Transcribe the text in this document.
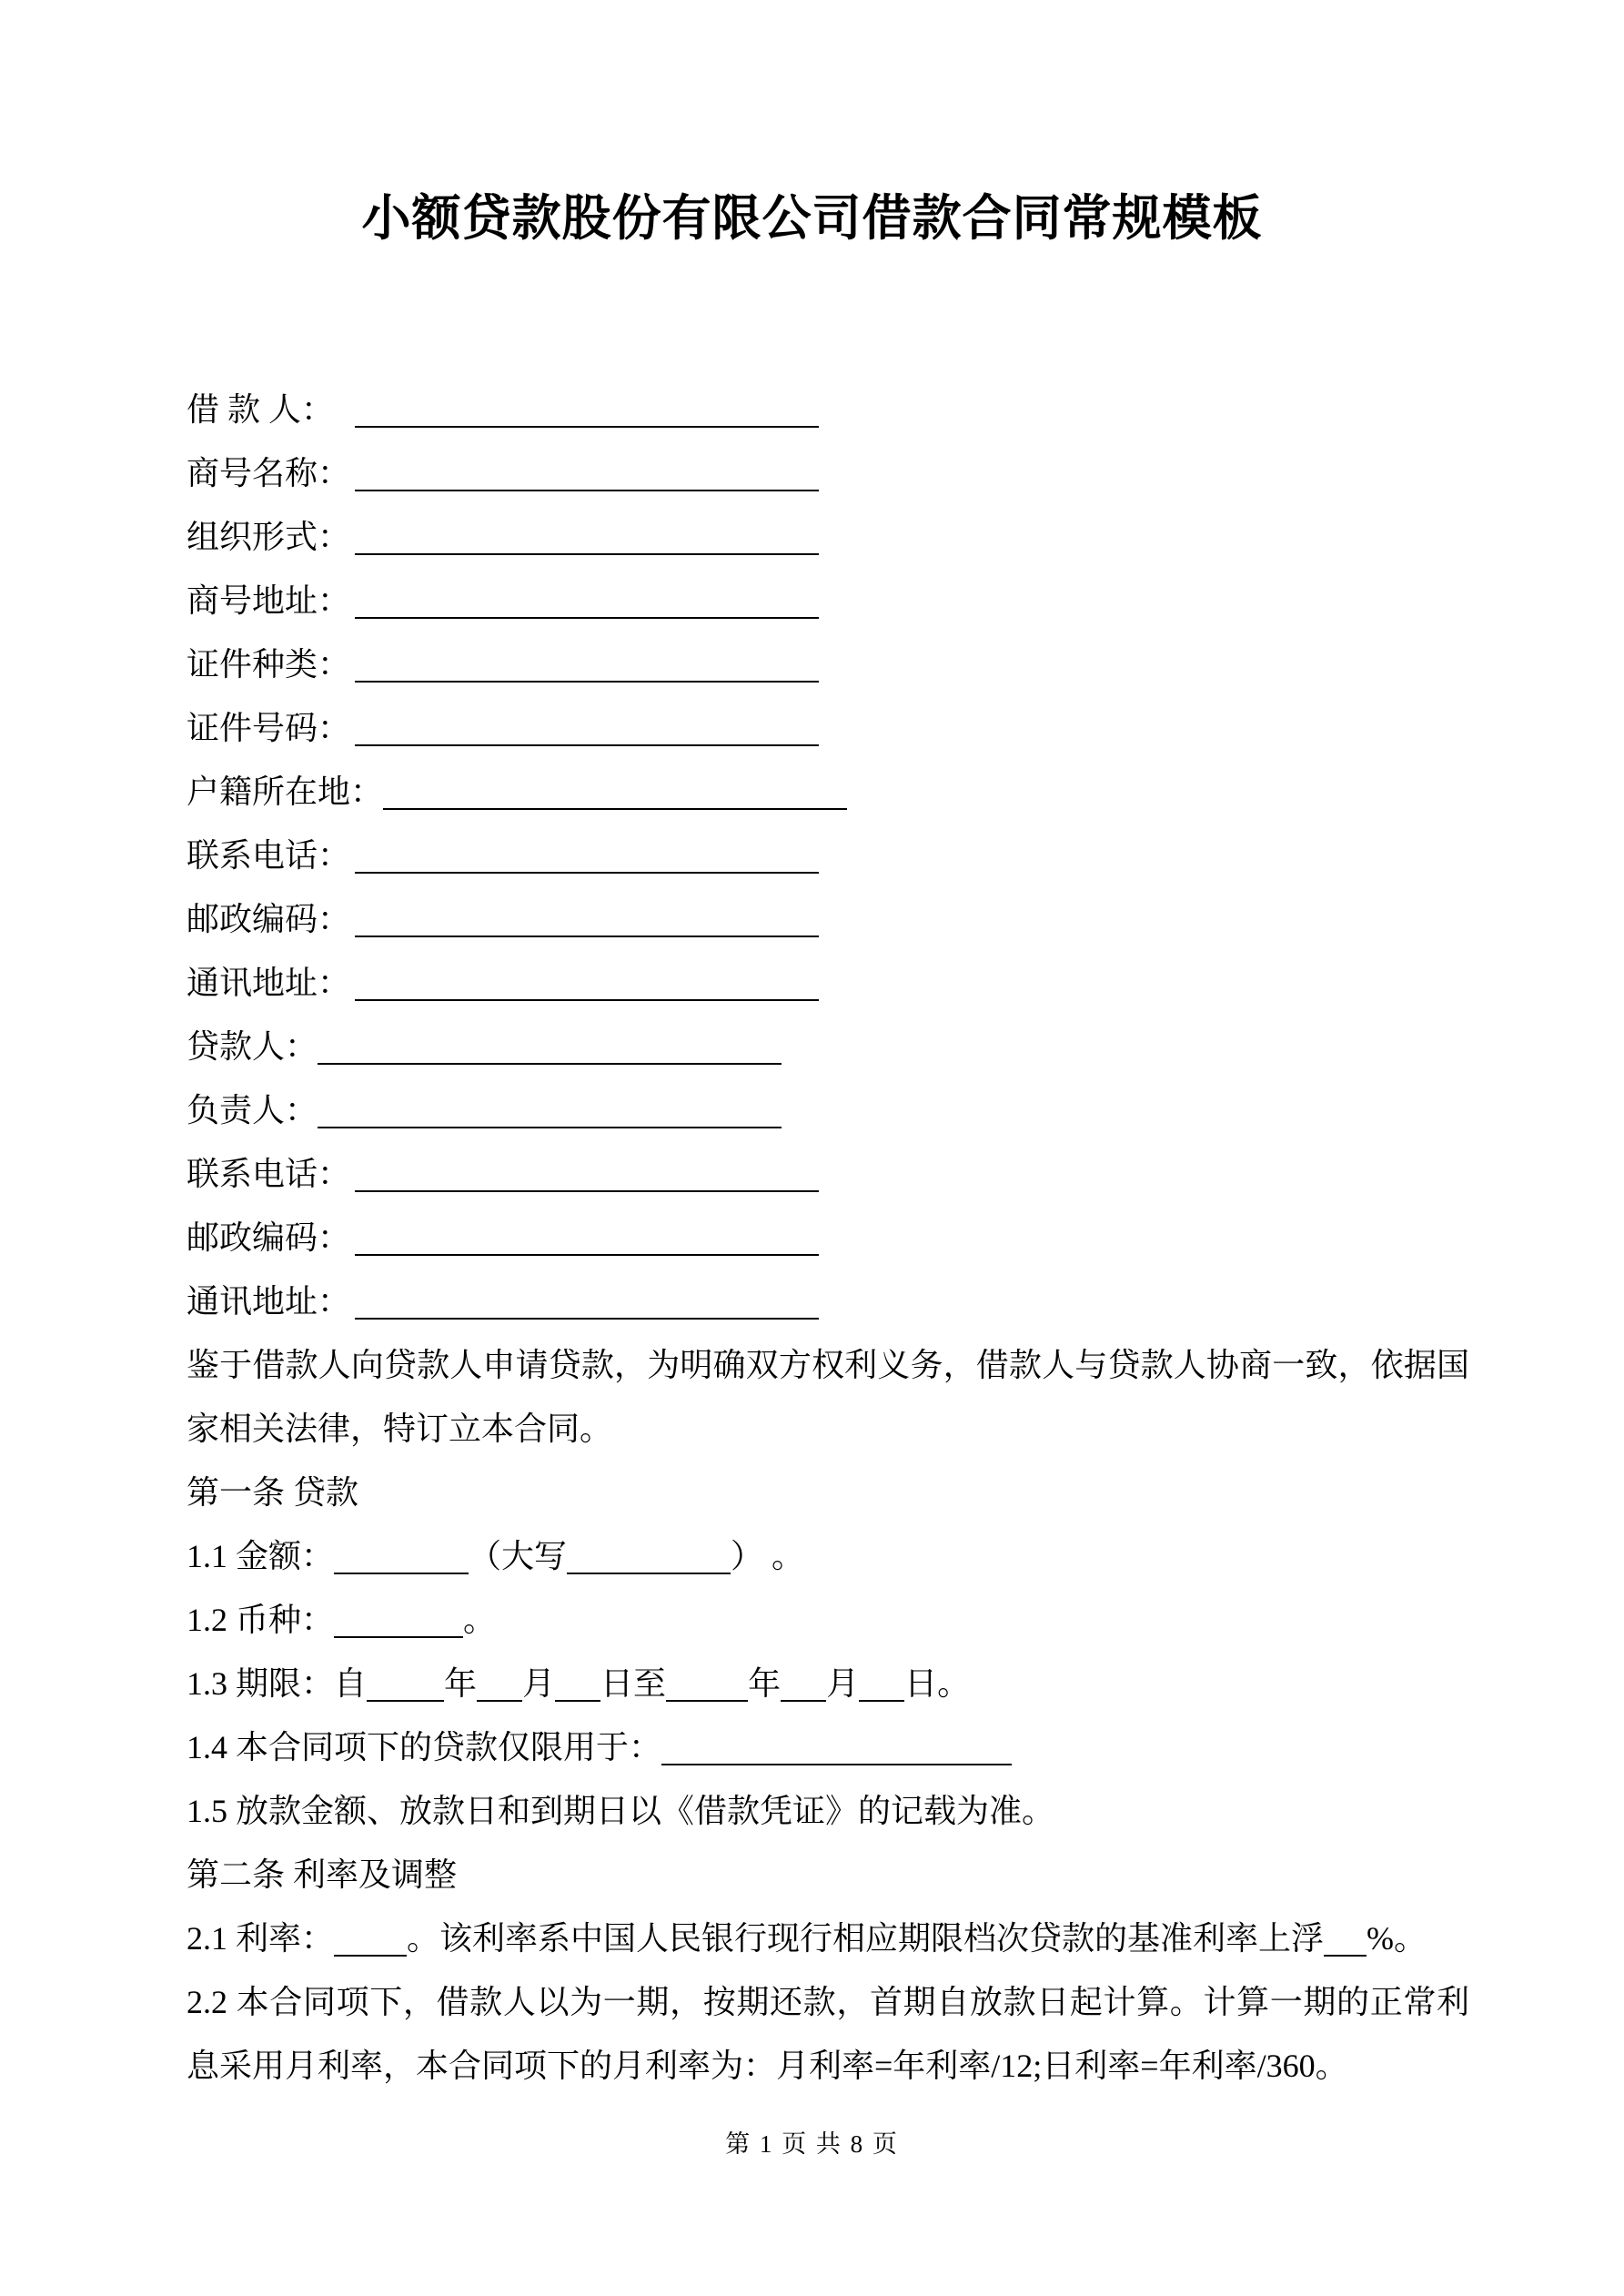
小额贷款股份有限公司借款合同常规模板
借 款 人：
商号名称：
组织形式：
商号地址：
证件种类：
证件号码：
户籍所在地：
联系电话：
邮政编码：
通讯地址：
贷款人：
负责人：
联系电话：
邮政编码：
通讯地址：
鉴于借款人向贷款人申请贷款，为明确双方权利义务，借款人与贷款人协商一致，依据国家相关法律，特订立本合同。
第一条 贷款
1.1 金额：	（大写	） 。
1.2 币种：	。
1.3 期限：自 年 月 日至	年 月 日。
1.4 本合同项下的贷款仅限用于：
1.5 放款金额、放款日和到期日以《借款凭证》的记载为准。
第二条 利率及调整
2.1 利率： 。该利率系中国人民银行现行相应期限档次贷款的基准利率上浮 %。
2.2 本合同项下，借款人以为一期，按期还款，首期自放款日起计算。计算一期的正常利息采用月利率，本合同项下的月利率为：月利率=年利率/12;日利率=年利率/360。
第 1 页 共 8 页
